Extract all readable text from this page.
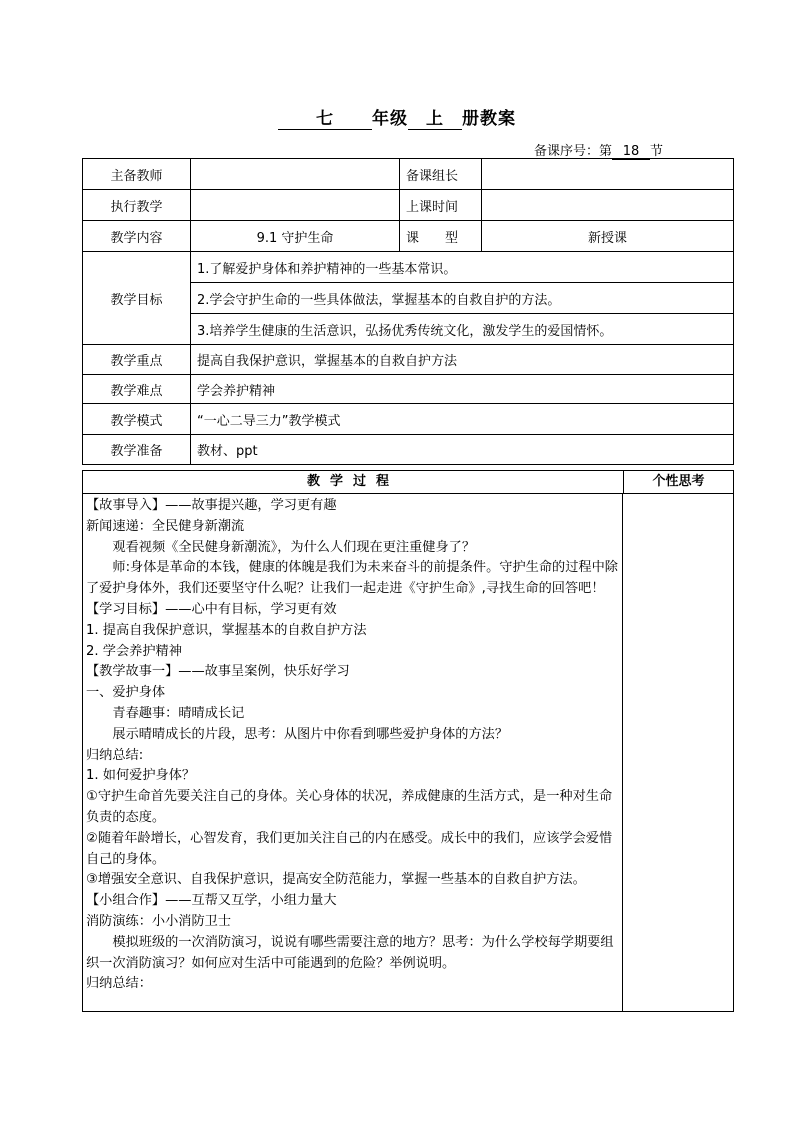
七 年级 上 册教案
备课序号：第 18 节
主备教师		备课组长	
执行教学		上课时间	
教学内容	9.1 守护生命	课　　型	新授课
教学目标	1.了解爱护身体和养护精神的一些基本常识。		
	2.学会守护生命的一些具体做法，掌握基本的自救自护的方法。		
	3.培养学生健康的生活意识，弘扬优秀传统文化，激发学生的爱国情怀。		
教学重点	提高自我保护意识，掌握基本的自救自护方法		
教学难点	学会养护精神		
教学模式	“一心二导三力”教学模式		
教学准备	教材、ppt		
教学过程	个性思考

【故事导入】——故事提兴趣，学习更有趣

新闻速递：全民健身新潮流

观看视频《全民健身新潮流》，为什么人们现在更注重健身了？

师:身体是革命的本钱，健康的体魄是我们为未来奋斗的前提条件。守护生命的过程中除了爱护身体外，我们还要坚守什么呢？让我们一起走进《守护生命》,寻找生命的回答吧！

【学习目标】——心中有目标，学习更有效

1. 提高自我保护意识，掌握基本的自救自护方法

2. 学会养护精神

【教学故事一】——故事呈案例，快乐好学习

一、爱护身体

青春趣事：晴晴成长记

展示晴晴成长的片段，思考：从图片中你看到哪些爱护身体的方法？

归纳总结:

1. 如何爱护身体？

①守护生命首先要关注自己的身体。关心身体的状况，养成健康的生活方式，是一种对生命负责的态度。

②随着年龄增长，心智发育，我们更加关注自己的内在感受。成长中的我们，应该学会爱惜自己的身体。

③增强安全意识、自我保护意识，提高安全防范能力，掌握一些基本的自救自护方法。

【小组合作】——互帮又互学，小组力量大

消防演练：小小消防卫士

模拟班级的一次消防演习，说说有哪些需要注意的地方？思考：为什么学校每学期要组织一次消防演习？如何应对生活中可能遇到的危险？举例说明。

归纳总结：
